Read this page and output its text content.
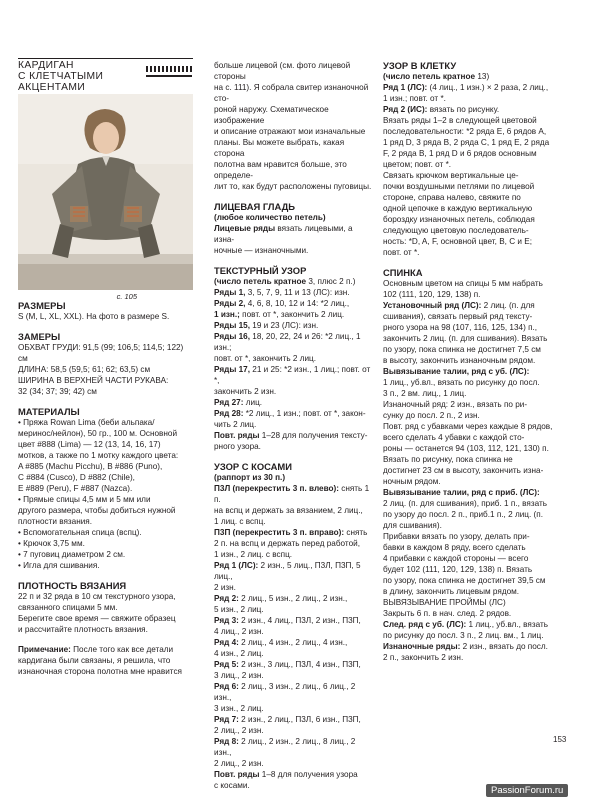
КАРДИГАН

С КЛЕТЧАТЫМИ

АКЦЕНТАМИ

с. 105

РАЗМЕРЫ

S (M, L, XL, XXL). На фото в размере S.

ЗАМЕРЫ

ОБХВАТ ГРУДИ: 91,5 (99; 106,5; 114,5; 122) см

ДЛИНА: 58,5 (59,5; 61; 62; 63,5) см

ШИРИНА В ВЕРХНЕЙ ЧАСТИ РУКАВА:

32 (34; 37; 39; 42) см

МАТЕРИАЛЫ

• Пряжа Rowan Lima (беби альпака/

меринос/нейлон), 50 гр., 100 м. Основной

цвет #888 (Lima) — 12 (13, 14, 16, 17)

мотков, а также по 1 мотку каждого цвета:

A #885 (Machu Picchu), B #886 (Puno),

C #884 (Cusco), D #882 (Chile),

E #889 (Peru), F #887 (Nazca).

• Прямые спицы 4,5 мм и 5 мм или

другого размера, чтобы добиться нужной

плотности вязания.

• Вспомогательная спица (вспц).

• Крючок 3,75 мм.

• 7 пуговиц диаметром 2 см.

• Игла для сшивания.

ПЛОТНОСТЬ ВЯЗАНИЯ

22 п и 32 ряда в 10 см текстурного узора,

связанного спицами 5 мм.

Берегите свое время — свяжите образец

и рассчитайте плотность вязания.

Примечание: После того как все детали

кардигана были связаны, я решила, что

изнаночная сторона полотна мне нравится

больше лицевой (см. фото лицевой стороны

на с. 111). Я собрала свитер изнаночной сто-

роной наружу. Схематическое изображение

и описание отражают мои изначальные

планы. Вы можете выбрать, какая сторона

полотна вам нравится больше, это определе-

лит то, как будут расположены пуговицы.

ЛИЦЕВАЯ ГЛАДЬ

(любое количество петель)

Лицевые ряды вязать лицевыми, а изна-

ночные — изнаночными.

ТЕКСТУРНЫЙ УЗОР

(число петель кратное 3, плюс 2 п.)

Ряды 1, 3, 5, 7, 9, 11 и 13 (ЛС): изн.

Ряды 2, 4, 6, 8, 10, 12 и 14: *2 лиц.,

1 изн.; повт. от *, закончить 2 лиц.

Ряды 15, 19 и 23 (ЛС): изн.

Ряды 16, 18, 20, 22, 24 и 26: *2 лиц., 1 изн.;

повт. от *, закончить 2 лиц.

Ряды 17, 21 и 25: *2 изн., 1 лиц.; повт. от *,

закончить 2 изн.

Ряд 27: лиц.

Ряд 28: *2 лиц., 1 изн.; повт. от *, закон-

чить 2 лиц.

Повт. ряды 1–28 для получения тексту-

рного узора.

УЗОР С КОСАМИ

(раппорт из 30 п.)

П3Л (перекрестить 3 п. влево): снять 1 п.

на вспц и держать за вязанием, 2 лиц.,

1 лиц. с вспц.

П3П (перекрестить 3 п. вправо): снять

2 п. на вспц и держать перед работой,

1 изн., 2 лиц. с вспц.

Ряд 1 (ЛС): 2 изн., 5 лиц., П3Л, П3П, 5 лиц.,

2 изн.

Ряд 2: 2 лиц., 5 изн., 2 лиц., 2 изн.,

5 изн., 2 лиц.

Ряд 3: 2 изн., 4 лиц., П3Л, 2 изн., П3П,

4 лиц., 2 изн.

Ряд 4: 2 лиц., 4 изн., 2 лиц., 4 изн.,

4 изн., 2 лиц.

Ряд 5: 2 изн., 3 лиц., П3Л, 4 изн., П3П,

3 лиц., 2 изн.

Ряд 6: 2 лиц., 3 изн., 2 лиц., 6 лиц., 2 изн.,

3 изн., 2 лиц.

Ряд 7: 2 изн., 2 лиц., П3Л, 6 изн., П3П,

2 лиц., 2 изн.

Ряд 8: 2 лиц., 2 изн., 2 лиц., 8 лиц., 2 изн.,

2 лиц., 2 изн.

Повт. ряды 1–8 для получения узора

с косами.

УЗОР В КЛЕТКУ

(число петель кратное 13)

Ряд 1 (ЛС): (4 лиц., 1 изн.) × 2 раза, 2 лиц.,

1 изн.; повт. от *.

Ряд 2 (ИС): вязать по рисунку.

Вязать ряды 1–2 в следующей цветовой

последовательности: *2 ряда E, 6 рядов A,

1 ряд D, 3 ряда B, 2 ряда C, 1 ряд E, 2 ряда

F, 2 ряда B, 1 ряд D и 6 рядов основным

цветом; повт. от *.

Связать крючком вертикальные це-

почки воздушными петлями по лицевой

стороне, справа налево, свяжите по

одной цепочке в каждую вертикальную

бороздку изнаночных петель, соблюдая

следующую цветовую последователь-

ность: *D, A, F, основной цвет, B, C и E;

повт. от *.

СПИНКА

Основным цветом на спицы 5 мм набрать

102 (111, 120, 129, 138) п.

Установочный ряд (ЛС): 2 лиц. (п. для

сшивания), связать первый ряд тексту-

рного узора на 98 (107, 116, 125, 134) п.,

закончить 2 лиц. (п. для сшивания). Вязать

по узору, пока спинка не достигнет 7,5 см

в высоту, закончить изнаночным рядом.

Вывязывание талии, ряд с уб. (ЛС):

1 лиц., уб.вл., вязать по рисунку до посл.

3 п., 2 вм. лиц., 1 лиц.

Изнаночный ряд: 2 изн., вязать по ри-

сунку до посл. 2 п., 2 изн.

Повт. ряд с убавками через каждые 8 рядов,

всего сделать 4 убавки с каждой сто-

роны — останется 94 (103, 112, 121, 130) п.

Вязать по рисунку, пока спинка не

достигнет 23 см в высоту, закончить изна-

ночным рядом.

Вывязывание талии, ряд с приб. (ЛС):

2 лиц. (п. для сшивания), приб. 1 п., вязать

по узору до посл. 2 п., приб.1 п., 2 лиц. (п.

для сшивания).

Прибавки вязать по узору, делать при-

бавки в каждом 8 ряду, всего сделать

4 прибавки с каждой стороны — всего

будет 102 (111, 120, 129, 138) п. Вязать

по узору, пока спинка не достигнет 39,5 см

в длину, закончить лицевым рядом.

ВЫВЯЗЫВАНИЕ ПРОЙМЫ (ЛС)

Закрыть 6 п. в нач. след. 2 рядов.

След. ряд с уб. (ЛС): 1 лиц., уб.вл., вязать

по рисунку до посл. 3 п., 2 лиц. вм., 1 лиц.

Изнаночные ряды: 2 изн., вязать до посл.

2 п., закончить 2 изн.

153
PassionForum.ru
